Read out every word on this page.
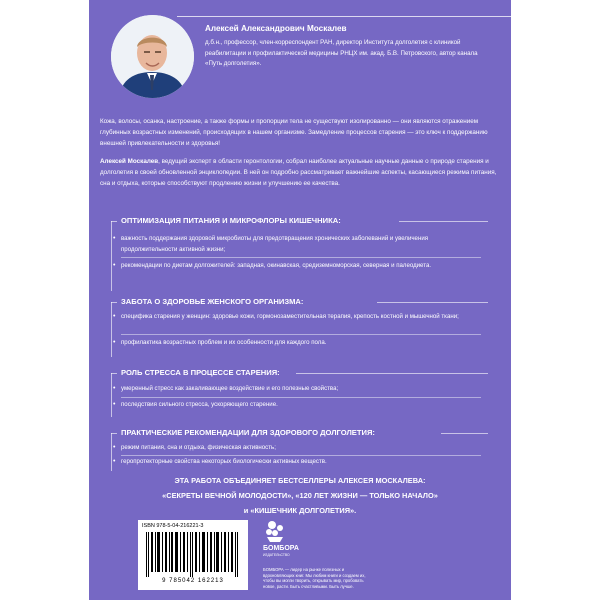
Алексей Александрович Москалев

д.б.н., профессор, член-корреспондент РАН, директор Института долголетия с клиникой реабилитации и профилактической медицины РНЦХ им. акад. Б.В. Петровского, автор канала «Путь долголетия».

Кожа, волосы, осанка, настроение, а также формы и пропорции тела не существуют изолированно — они являются отражением глубинных возрастных изменений, происходящих в нашем организме. Замедление процессов старения — это ключ к поддержанию внешней привлекательности и здоровья!

Алексей Москалев, ведущий эксперт в области геронтологии, собрал наиболее актуальные научные данные о природе старения и долголетия в своей обновленной энциклопедии. В ней он подробно рассматривает важнейшие аспекты, касающиеся режима питания, сна и отдыха, которые способствуют продлению жизни и улучшению ее качества.

ОПТИМИЗАЦИЯ ПИТАНИЯ И МИКРОФЛОРЫ КИШЕЧНИКА:

• важность поддержания здоровой микробиоты для предотвращения хронических заболеваний и увеличения продолжительности активной жизни;

• рекомендации по диетам долгожителей: западная, окинавская, средиземноморская, северная и палеодиета.

ЗАБОТА О ЗДОРОВЬЕ ЖЕНСКОГО ОРГАНИЗМА:

• специфика старения у женщин: здоровье кожи, гормонозаместительная терапия, крепость костной и мышечной ткани;

• профилактика возрастных проблем и их особенности для каждого пола.

РОЛЬ СТРЕССА В ПРОЦЕССЕ СТАРЕНИЯ:

• умеренный стресс как закаливающее воздействие и его полезные свойства;

• последствия сильного стресса, ускоряющего старение.

ПРАКТИЧЕСКИЕ РЕКОМЕНДАЦИИ ДЛЯ ЗДОРОВОГО ДОЛГОЛЕТИЯ:

• режим питания, сна и отдыха, физическая активность;

• геропротекторные свойства некоторых биологически активных веществ.

ЭТА РАБОТА ОБЪЕДИНЯЕТ БЕСТСЕЛЛЕРЫ АЛЕКСЕЯ МОСКАЛЕВА:
«СЕКРЕТЫ ВЕЧНОЙ МОЛОДОСТИ», «120 ЛЕТ ЖИЗНИ — ТОЛЬКО НАЧАЛО»
и «КИШЕЧНИК ДОЛГОЛЕТИЯ».

ISBN 978-5-04-216221-3
9 785042 162213
БОМБОРА
ИЗДАТЕЛЬСТВО

БОМБОРА — лидер на рынке полезных и вдохновляющих книг. Мы любим книги и создаем их, чтобы вы могли творить, открывать мир, пробовать новое, расти. Быть счастливыми. Быть лучше.
